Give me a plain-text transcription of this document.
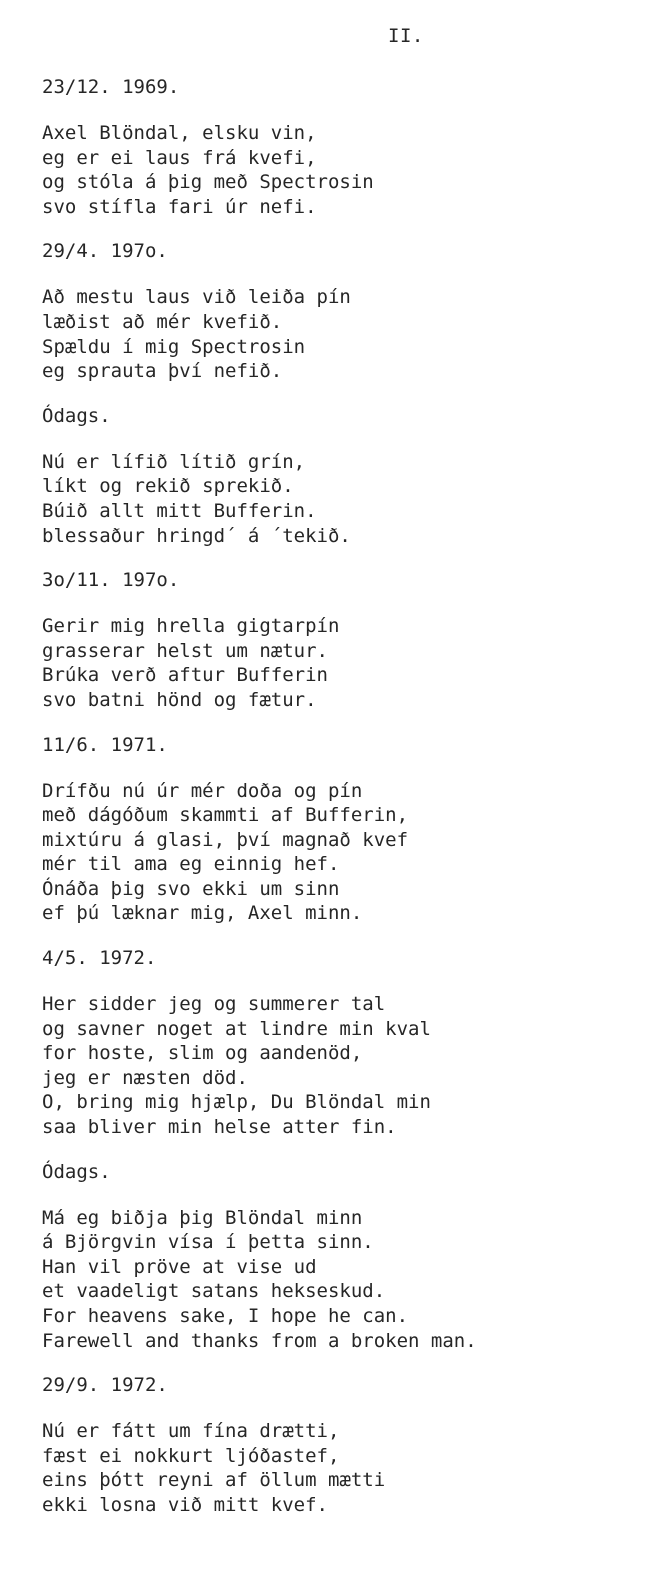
II.

23/12. 1969.

Axel Blöndal, elsku vin,

eg er ei laus frá kvefi,

og stóla á þig með Spectrosin

svo stífla fari úr nefi.

29/4. 197o.

Að mestu laus við leiða pín

læðist að mér kvefið.

Spældu í mig Spectrosin

eg sprauta því nefið.

Ódags.

Nú er lífið lítið grín,

líkt og rekið sprekið.

Búið allt mitt Bufferin.

blessaður hringd´ á ´tekið.

3o/11. 197o.

Gerir mig hrella gigtarpín

grasserar helst um nætur.

Brúka verð aftur Bufferin

svo batni hönd og fætur.

11/6. 1971.

Drífðu nú úr mér doða og pín

með dágóðum skammti af Bufferin,

mixtúru á glasi, því magnað kvef

mér til ama eg einnig hef.

Ónáða þig svo ekki um sinn

ef þú læknar mig, Axel minn.

4/5. 1972.

Her sidder jeg og summerer tal

og savner noget at lindre min kval

for hoste, slim og aandenöd,

jeg er næsten död.

O, bring mig hjælp, Du Blöndal min

saa bliver min helse atter fin.

Ódags.

Má eg biðja þig Blöndal minn

á Björgvin vísa í þetta sinn.

Han vil pröve at vise ud

et vaadeligt satans hekseskud.

For heavens sake, I hope he can.

Farewell and thanks from a broken man.

29/9. 1972.

Nú er fátt um fína drætti,

fæst ei nokkurt ljóðastef,

eins þótt reyni af öllum mætti

ekki losna við mitt kvef.
